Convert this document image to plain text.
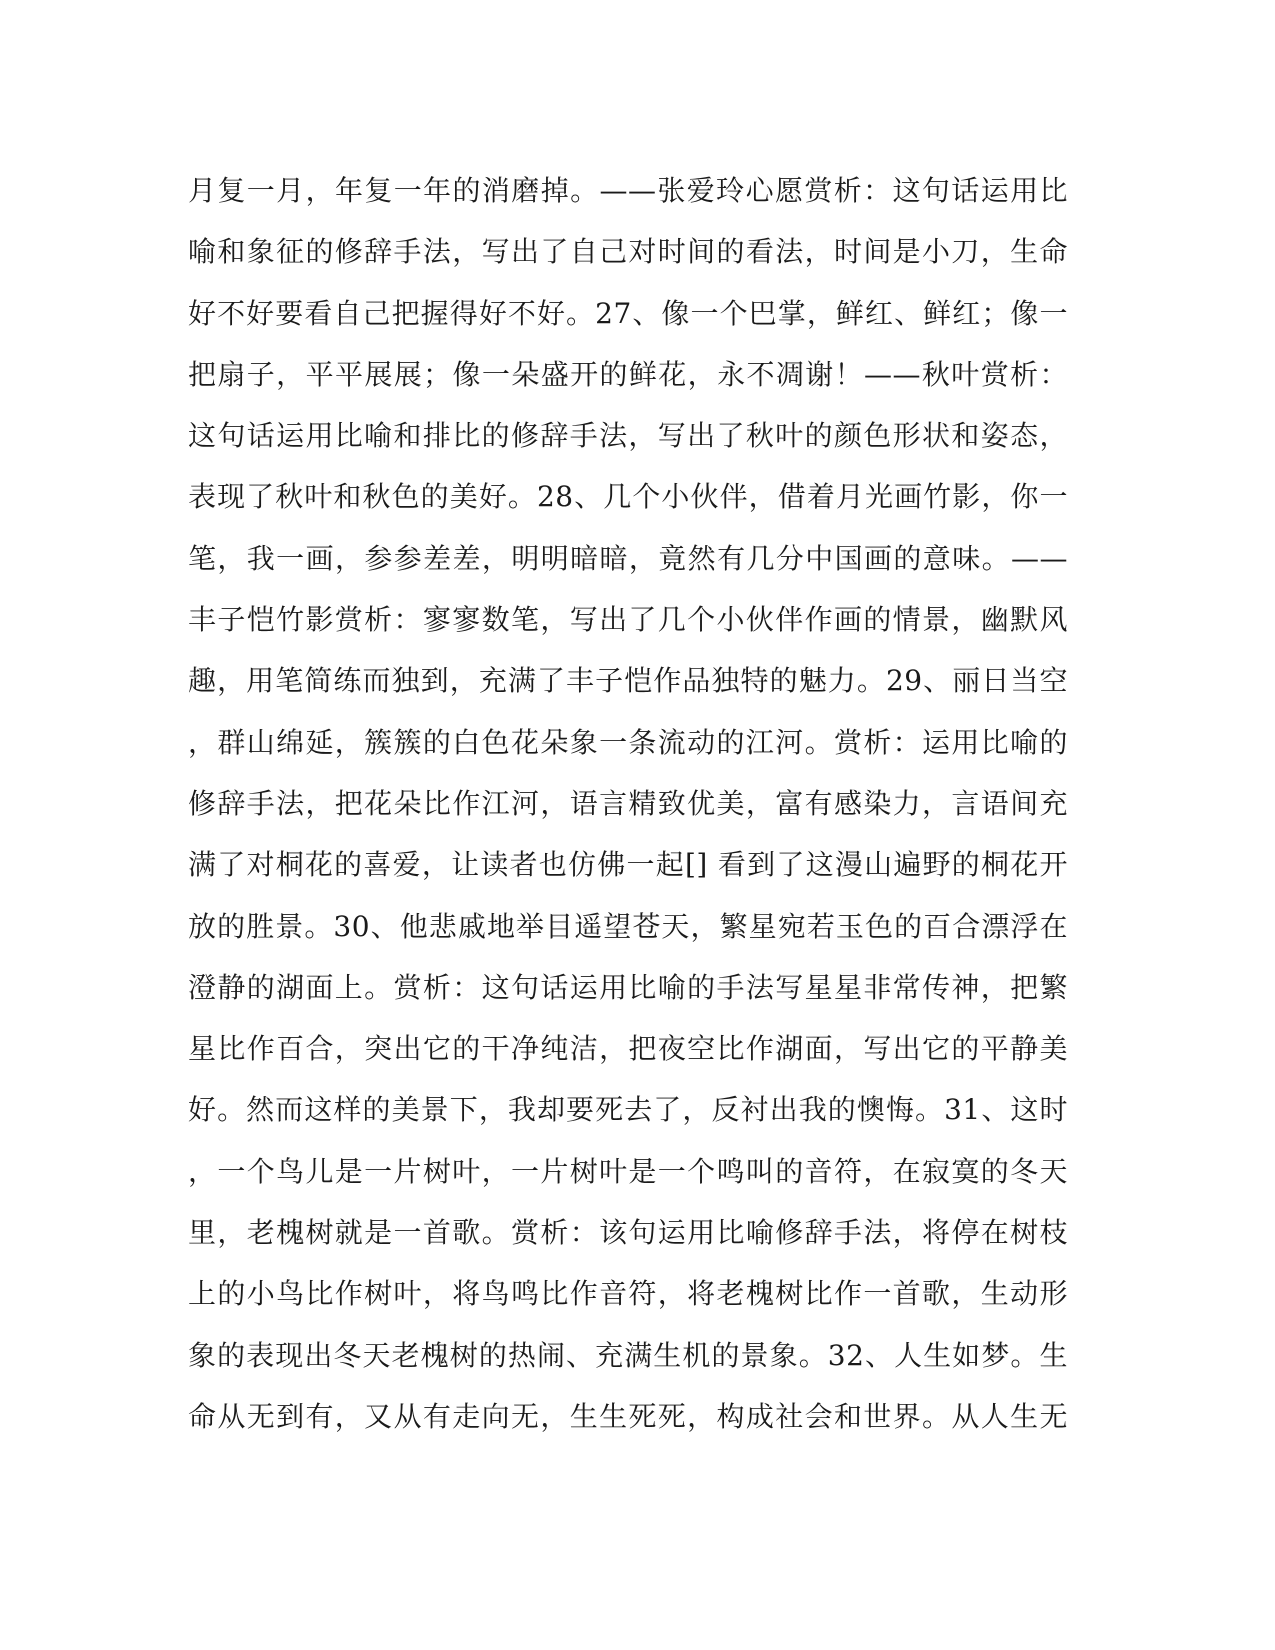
月复一月，年复一年的消磨掉。——张爱玲心愿赏析：这句话运用比
喻和象征的修辞手法，写出了自己对时间的看法，时间是小刀，生命
好不好要看自己把握得好不好。27、像一个巴掌，鲜红、鲜红；像一
把扇子，平平展展；像一朵盛开的鲜花，永不凋谢！——秋叶赏析：
这句话运用比喻和排比的修辞手法，写出了秋叶的颜色形状和姿态，
表现了秋叶和秋色的美好。28、几个小伙伴，借着月光画竹影，你一
笔，我一画，参参差差，明明暗暗，竟然有几分中国画的意味。——
丰子恺竹影赏析：寥寥数笔，写出了几个小伙伴作画的情景，幽默风
趣，用笔简练而独到，充满了丰子恺作品独特的魅力。29、丽日当空
，群山绵延，簇簇的白色花朵象一条流动的江河。赏析：运用比喻的
修辞手法，把花朵比作江河，语言精致优美，富有感染力，言语间充
满了对桐花的喜爱，让读者也仿佛一起[] 看到了这漫山遍野的桐花开
放的胜景。30、他悲戚地举目遥望苍天，繁星宛若玉色的百合漂浮在
澄静的湖面上。赏析：这句话运用比喻的手法写星星非常传神，把繁
星比作百合，突出它的干净纯洁，把夜空比作湖面，写出它的平静美
好。然而这样的美景下，我却要死去了，反衬出我的懊悔。31、这时
，一个鸟儿是一片树叶，一片树叶是一个鸣叫的音符，在寂寞的冬天
里，老槐树就是一首歌。赏析：该句运用比喻修辞手法，将停在树枝
上的小鸟比作树叶，将鸟鸣比作音符，将老槐树比作一首歌，生动形
象的表现出冬天老槐树的热闹、充满生机的景象。32、人生如梦。生
命从无到有，又从有走向无，生生死死，构成社会和世界。从人生无
